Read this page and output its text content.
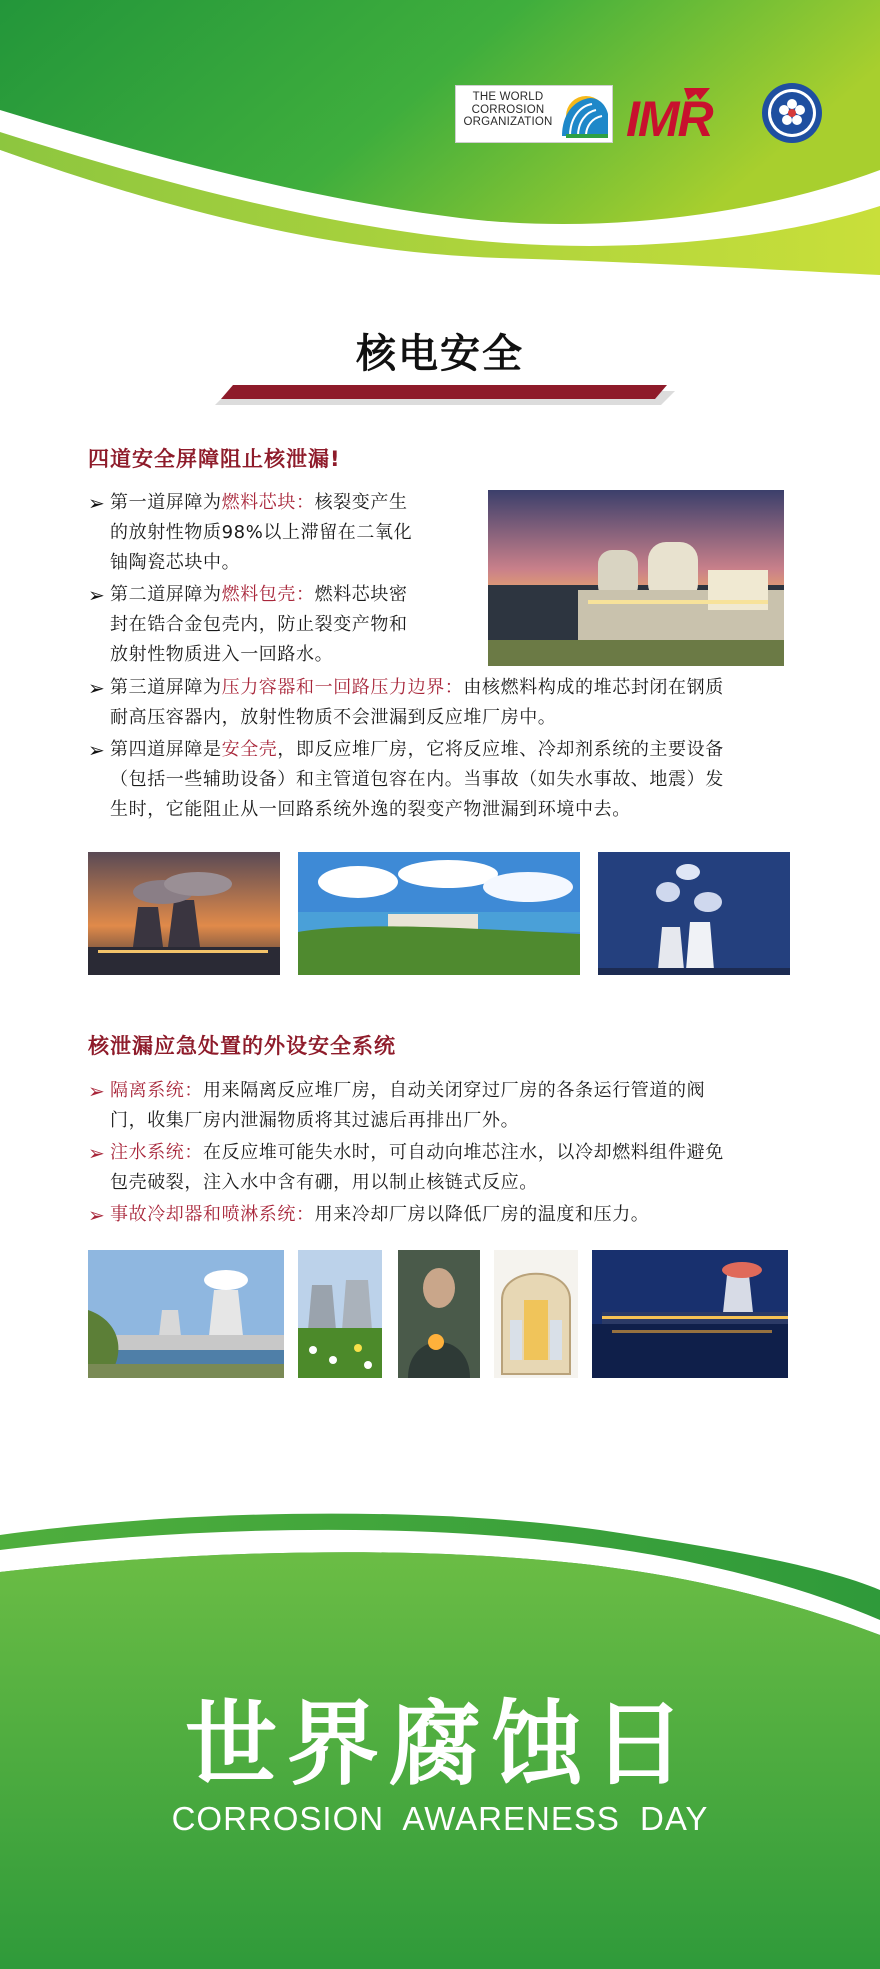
THE WORLD
CORROSION
ORGANIZATION IMR
核电安全
四道安全屏障阻止核泄漏!
➢ 第一道屏障为燃料芯块：核裂变产生
的放射性物质98%以上滞留在二氧化
铀陶瓷芯块中。
➢ 第二道屏障为燃料包壳：燃料芯块密
封在锆合金包壳内，防止裂变产物和
放射性物质进入一回路水。
➢ 第三道屏障为压力容器和一回路压力边界：由核燃料构成的堆芯封闭在钢质
耐高压容器内，放射性物质不会泄漏到反应堆厂房中。
➢ 第四道屏障是安全壳，即反应堆厂房，它将反应堆、冷却剂系统的主要设备
（包括一些辅助设备）和主管道包容在内。当事故（如失水事故、地震）发
生时，它能阻止从一回路系统外逸的裂变产物泄漏到环境中去。
核泄漏应急处置的外设安全系统
➢ 隔离系统：用来隔离反应堆厂房，自动关闭穿过厂房的各条运行管道的阀
门，收集厂房内泄漏物质将其过滤后再排出厂外。
➢ 注水系统：在反应堆可能失水时，可自动向堆芯注水，以冷却燃料组件避免
包壳破裂，注入水中含有硼，用以制止核链式反应。
➢ 事故冷却器和喷淋系统：用来冷却厂房以降低厂房的温度和压力。
世界腐蚀日
CORROSION AWARENESS DAY
